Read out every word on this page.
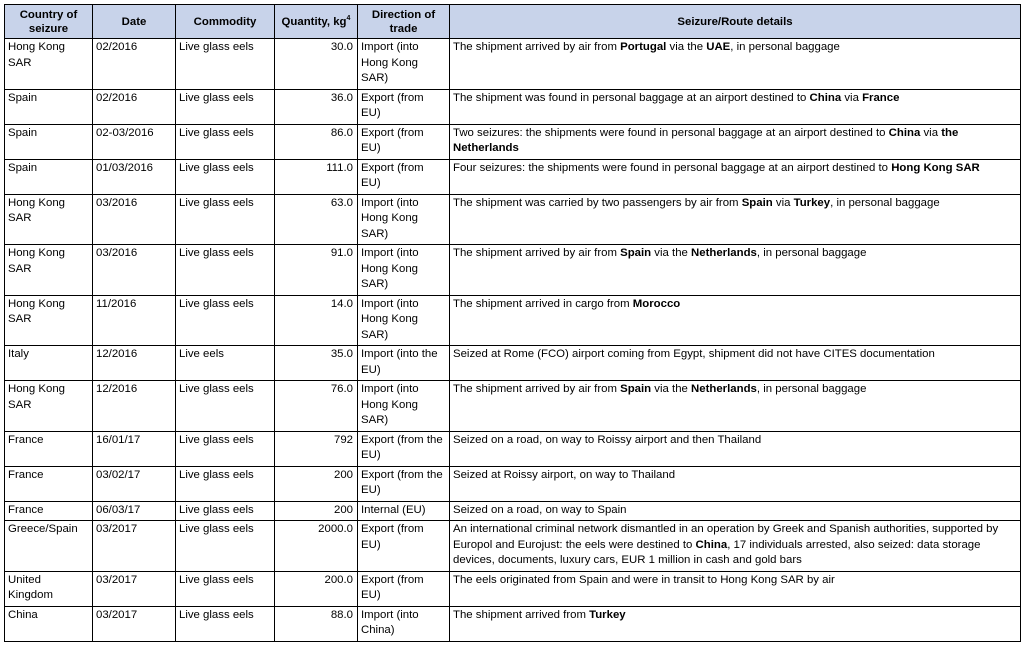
Country of seizure	Date	Commodity	Quantity, $kg^4$	Direction of trade	Seizure/Route details
Hong Kong SAR	02/2016	Live glass eels	30.0	Import (into Hong Kong SAR)	The shipment arrived by air from Portugal via the UAE, in personal baggage
Spain	02/2016	Live glass eels	36.0	Export (from EU)	The shipment was found in personal baggage at an airport destined to China via France
Spain	02-03/2016	Live glass eels	86.0	Export (from EU)	Two seizures: the shipments were found in personal baggage at an airport destined to China via the Netherlands
Spain	01/03/2016	Live glass eels	111.0	Export (from EU)	Four seizures: the shipments were found in personal baggage at an airport destined to Hong Kong SAR
Hong Kong SAR	03/2016	Live glass eels	63.0	Import (into Hong Kong SAR)	The shipment was carried by two passengers by air from Spain via Turkey, in personal baggage
Hong Kong SAR	03/2016	Live glass eels	91.0	Import (into Hong Kong SAR)	The shipment arrived by air from Spain via the Netherlands, in personal baggage
Hong Kong SAR	11/2016	Live glass eels	14.0	Import (into Hong Kong SAR)	The shipment arrived in cargo from Morocco
Italy	12/2016	Live eels	35.0	Import (into the EU)	Seized at Rome (FCO) airport coming from Egypt, shipment did not have CITES documentation
Hong Kong SAR	12/2016	Live glass eels	76.0	Import (into Hong Kong SAR)	The shipment arrived by air from Spain via the Netherlands, in personal baggage
France	16/01/17	Live glass eels	792	Export (from the EU)	Seized on a road, on way to Roissy airport and then Thailand
France	03/02/17	Live glass eels	200	Export (from the EU)	Seized at Roissy airport, on way to Thailand
France	06/03/17	Live glass eels	200	Internal (EU)	Seized on a road, on way to Spain
Greece/Spain	03/2017	Live glass eels	2000.0	Export (from EU)	An international criminal network dismantled in an operation by Greek and Spanish authorities, supported by Europol and Eurojust: the eels were destined to China, 17 individuals arrested, also seized: data storage devices, documents, luxury cars, EUR 1 million in cash and gold bars
United Kingdom	03/2017	Live glass eels	200.0	Export (from EU)	The eels originated from Spain and were in transit to Hong Kong SAR by air
China	03/2017	Live glass eels	88.0	Import (into China)	The shipment arrived from Turkey
